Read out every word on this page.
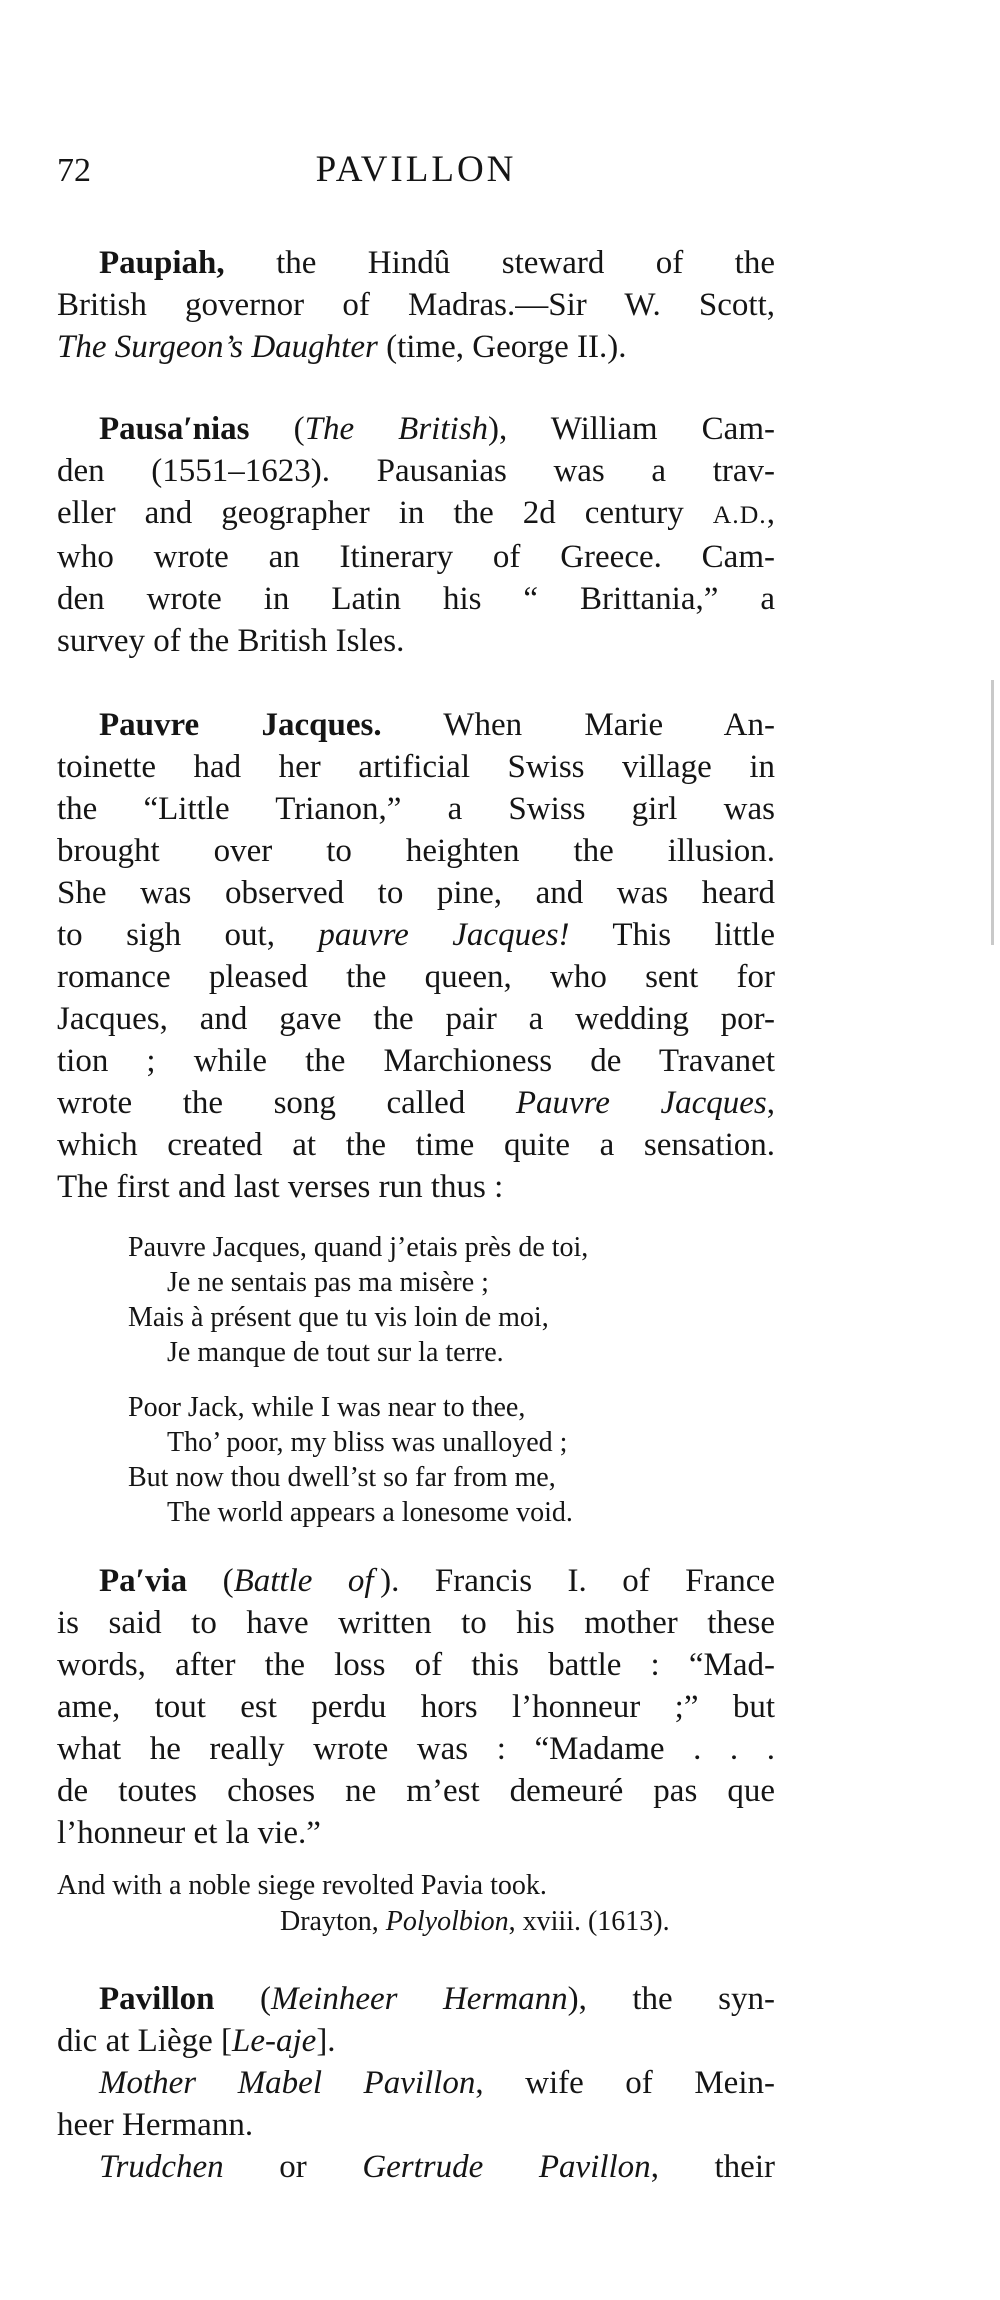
72	PAVILLON
Paupiah, the Hindû steward of the
British governor of Madras.—Sir W. Scott,
The Surgeon’s Daughter (time, George II.).
Pausa′nias (The British), William Cam-
den (1551–1623). Pausanias was a trav-
eller and geographer in the 2d century A.D.,
who wrote an Itinerary of Greece. Cam-
den wrote in Latin his “ Brittania,” a
survey of the British Isles.
Pauvre Jacques. When Marie An-
toinette had her artificial Swiss village in
the “Little Trianon,” a Swiss girl was
brought over to heighten the illusion.
She was observed to pine, and was heard
to sigh out, pauvre Jacques! This little
romance pleased the queen, who sent for
Jacques, and gave the pair a wedding por-
tion ; while the Marchioness de Travanet
wrote the song called Pauvre Jacques,
which created at the time quite a sensation.
The first and last verses run thus :
Pauvre Jacques, quand j’etais près de toi,
Je ne sentais pas ma misère ;
Mais à présent que tu vis loin de moi,
Je manque de tout sur la terre.
Poor Jack, while I was near to thee,
Tho’ poor, my bliss was unalloyed ;
But now thou dwell’st so far from me,
The world appears a lonesome void.
Pa′via (Battle of ). Francis I. of France
is said to have written to his mother these
words, after the loss of this battle : “Mad-
ame, tout est perdu hors l’honneur ;” but
what he really wrote was : “Madame . . .
de toutes choses ne m’est demeuré pas que
l’honneur et la vie.”
And with a noble siege revolted Pavia took.
Drayton, Polyolbion, xviii. (1613).
Pavillon (Meinheer Hermann), the syn-
dic at Liège [Le-aje].
Mother Mabel Pavillon, wife of Mein-
heer Hermann.
Trudchen or Gertrude Pavillon, their
